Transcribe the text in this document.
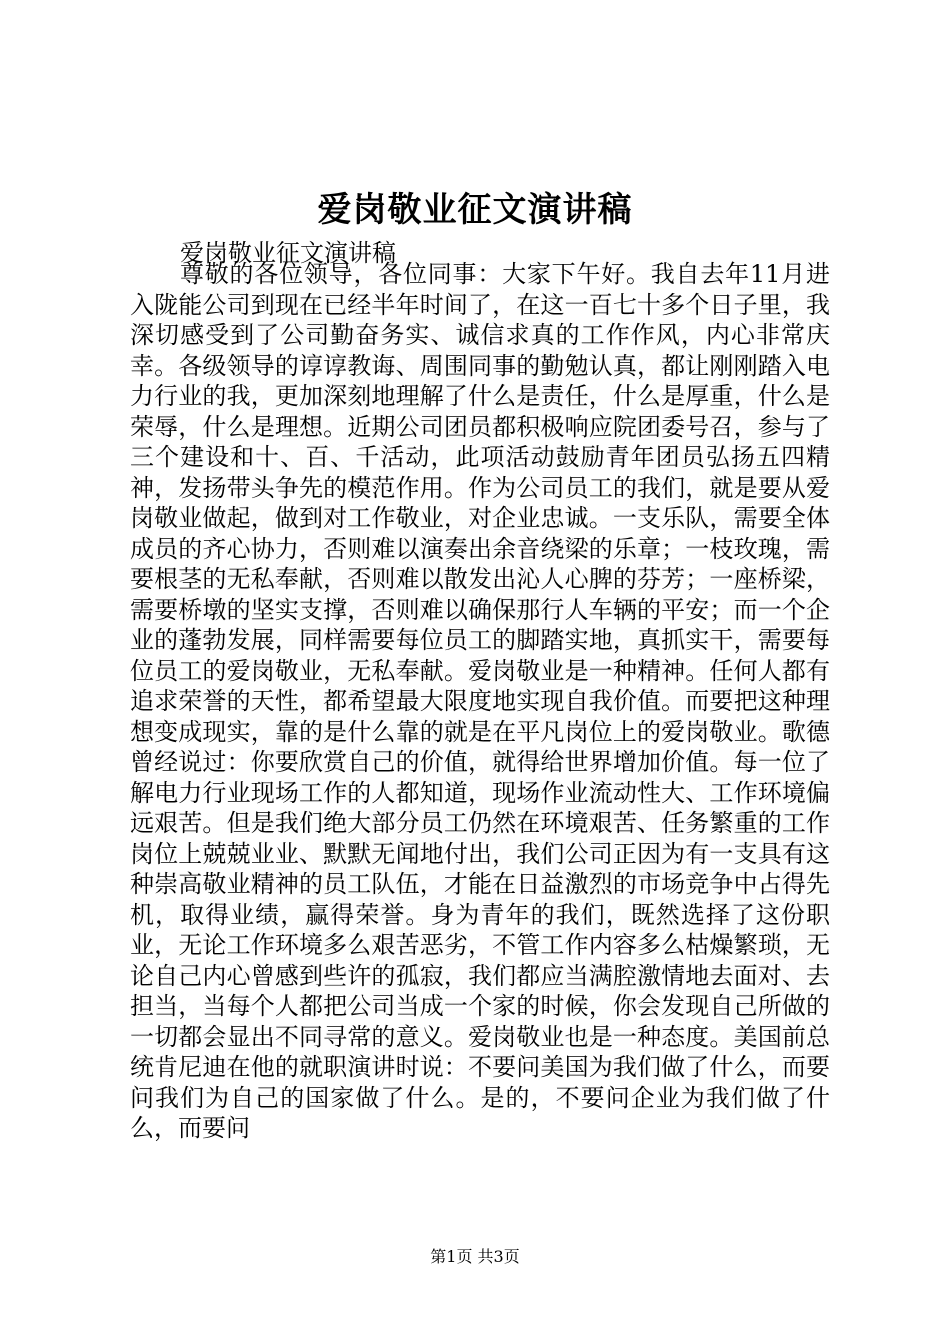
爱岗敬业征文演讲稿
爱岗敬业征文演讲稿

尊敬的各位领导，各位同事：大家下午好。我自去年11月进入陇能公司到现在已经半年时间了，在这一百七十多个日子里，我深切感受到了公司勤奋务实、诚信求真的工作作风，内心非常庆幸。各级领导的谆谆教诲、周围同事的勤勉认真，都让刚刚踏入电力行业的我，更加深刻地理解了什么是责任，什么是厚重，什么是荣辱，什么是理想。近期公司团员都积极响应院团委号召，参与了三个建设和十、百、千活动，此项活动鼓励青年团员弘扬五四精神，发扬带头争先的模范作用。作为公司员工的我们，就是要从爱岗敬业做起，做到对工作敬业，对企业忠诚。一支乐队，需要全体成员的齐心协力，否则难以演奏出余音绕梁的乐章；一枝玫瑰，需要根茎的无私奉献，否则难以散发出沁人心脾的芬芳；一座桥梁，需要桥墩的坚实支撑，否则难以确保那行人车辆的平安；而一个企业的蓬勃发展，同样需要每位员工的脚踏实地，真抓实干，需要每位员工的爱岗敬业，无私奉献。爱岗敬业是一种精神。任何人都有追求荣誉的天性，都希望最大限度地实现自我价值。而要把这种理想变成现实，靠的是什么靠的就是在平凡岗位上的爱岗敬业。歌德曾经说过：你要欣赏自己的价值，就得给世界增加价值。每一位了解电力行业现场工作的人都知道，现场作业流动性大、工作环境偏远艰苦。但是我们绝大部分员工仍然在环境艰苦、任务繁重的工作岗位上兢兢业业、默默无闻地付出，我们公司正因为有一支具有这种崇高敬业精神的员工队伍，才能在日益激烈的市场竞争中占得先机，取得业绩，赢得荣誉。身为青年的我们，既然选择了这份职业，无论工作环境多么艰苦恶劣，不管工作内容多么枯燥繁琐，无论自己内心曾感到些许的孤寂，我们都应当满腔激情地去面对、去担当，当每个人都把公司当成一个家的时候，你会发现自己所做的一切都会显出不同寻常的意义。爱岗敬业也是一种态度。美国前总统肯尼迪在他的就职演讲时说：不要问美国为我们做了什么，而要问我们为自己的国家做了什么。是的，不要问企业为我们做了什么，而要问

第1页 共3页
